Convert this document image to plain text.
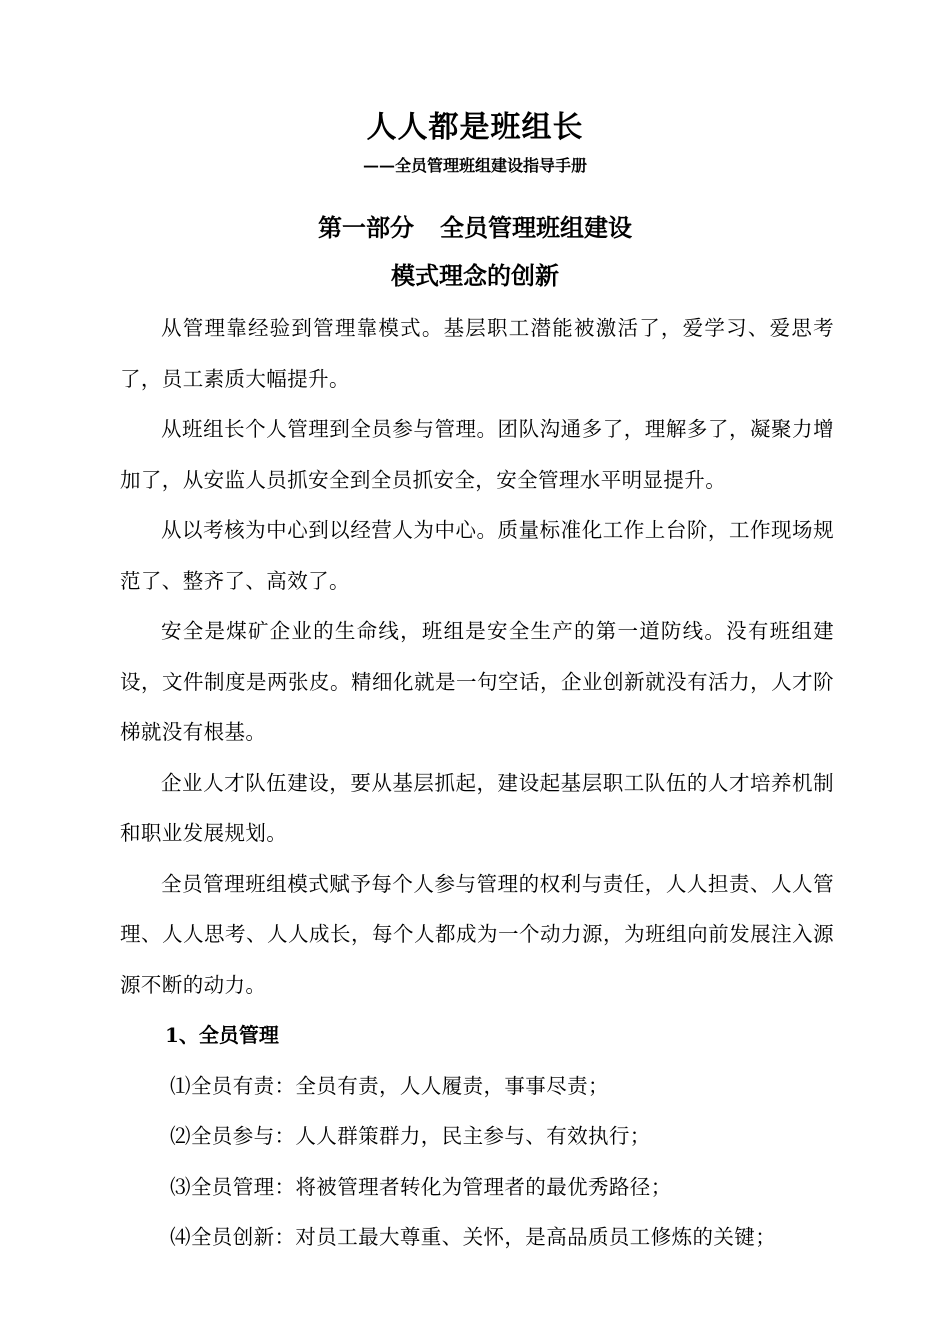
人人都是班组长
——全员管理班组建设指导手册
第一部分 全员管理班组建设
模式理念的创新

从管理靠经验到管理靠模式。基层职工潜能被激活了，爱学习、爱思考了，员工素质大幅提升。

从班组长个人管理到全员参与管理。团队沟通多了，理解多了，凝聚力增加了，从安监人员抓安全到全员抓安全，安全管理水平明显提升。

从以考核为中心到以经营人为中心。质量标准化工作上台阶，工作现场规范了、整齐了、高效了。

安全是煤矿企业的生命线，班组是安全生产的第一道防线。没有班组建设，文件制度是两张皮。精细化就是一句空话，企业创新就没有活力，人才阶梯就没有根基。

企业人才队伍建设，要从基层抓起，建设起基层职工队伍的人才培养机制和职业发展规划。

全员管理班组模式赋予每个人参与管理的权利与责任，人人担责、人人管理、人人思考、人人成长，每个人都成为一个动力源，为班组向前发展注入源源不断的动力。

1、全员管理

⑴全员有责：全员有责，人人履责，事事尽责；

⑵全员参与：人人群策群力，民主参与、有效执行；

⑶全员管理：将被管理者转化为管理者的最优秀路径；

⑷全员创新：对员工最大尊重、关怀，是高品质员工修炼的关键；
